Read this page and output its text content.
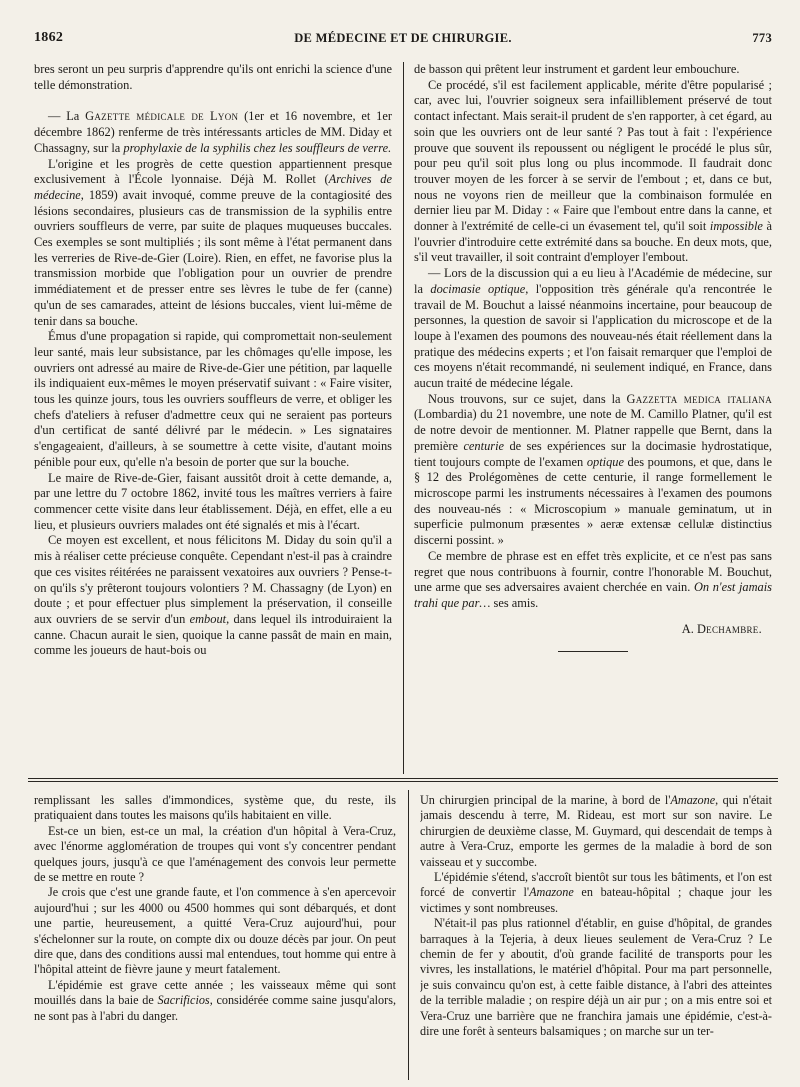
1862	DE MÉDECINE ET DE CHIRURGIE.	773

bres seront un peu surpris d'apprendre qu'ils ont enrichi la science d'une telle démonstration.

— La Gazette médicale de Lyon (1er et 16 novembre, et 1er décembre 1862) renferme de très intéressants articles de MM. Diday et Chassagny, sur la prophylaxie de la syphilis chez les souffleurs de verre.

L'origine et les progrès de cette question appartiennent presque exclusivement à l'École lyonnaise. Déjà M. Rollet (Archives de médecine, 1859) avait invoqué, comme preuve de la contagiosité des lésions secondaires, plusieurs cas de transmission de la syphilis entre ouvriers souffleurs de verre, par suite de plaques muqueuses buccales. Ces exemples se sont multipliés ; ils sont même à l'état permanent dans les verreries de Rive-de-Gier (Loire). Rien, en effet, ne favorise plus la transmission morbide que l'obligation pour un ouvrier de prendre immédiatement et de presser entre ses lèvres le tube de fer (canne) qu'un de ses camarades, atteint de lésions buccales, vient lui-même de tenir dans sa bouche.

Émus d'une propagation si rapide, qui compromettait non-seulement leur santé, mais leur subsistance, par les chômages qu'elle impose, les ouvriers ont adressé au maire de Rive-de-Gier une pétition, par laquelle ils indiquaient eux-mêmes le moyen préservatif suivant : « Faire visiter, tous les quinze jours, tous les ouvriers souffleurs de verre, et obliger les chefs d'ateliers à refuser d'admettre ceux qui ne seraient pas porteurs d'un certificat de santé délivré par le médecin. » Les signataires s'engageaient, d'ailleurs, à se soumettre à cette visite, d'autant moins pénible pour eux, qu'elle n'a besoin de porter que sur la bouche.

Le maire de Rive-de-Gier, faisant aussitôt droit à cette demande, a, par une lettre du 7 octobre 1862, invité tous les maîtres verriers à faire commencer cette visite dans leur établissement. Déjà, en effet, elle a eu lieu, et plusieurs ouvriers malades ont été signalés et mis à l'écart.

Ce moyen est excellent, et nous félicitons M. Diday du soin qu'il a mis à réaliser cette précieuse conquête. Cependant n'est-il pas à craindre que ces visites réitérées ne paraissent vexatoires aux ouvriers ? Pense-t-on qu'ils s'y prêteront toujours volontiers ? M. Chassagny (de Lyon) en doute ; et pour effectuer plus simplement la préservation, il conseille aux ouvriers de se servir d'un embout, dans lequel ils introduiraient la canne. Chacun aurait le sien, quoique la canne passât de main en main, comme les joueurs de haut-bois ou

de basson qui prêtent leur instrument et gardent leur embouchure.

Ce procédé, s'il est facilement applicable, mérite d'être popularisé ; car, avec lui, l'ouvrier soigneux sera infailliblement préservé de tout contact infectant. Mais serait-il prudent de s'en rapporter, à cet égard, au soin que les ouvriers ont de leur santé ? Pas tout à fait : l'expérience prouve que souvent ils repoussent ou négligent le procédé le plus sûr, pour peu qu'il soit plus long ou plus incommode. Il faudrait donc trouver moyen de les forcer à se servir de l'embout ; et, dans ce but, nous ne voyons rien de meilleur que la combinaison formulée en dernier lieu par M. Diday : « Faire que l'embout entre dans la canne, et donner à l'extrémité de celle-ci un évasement tel, qu'il soit impossible à l'ouvrier d'introduire cette extrémité dans sa bouche. En deux mots, que, s'il veut travailler, il soit contraint d'employer l'embout.

— Lors de la discussion qui a eu lieu à l'Académie de médecine, sur la docimasie optique, l'opposition très générale qu'a rencontrée le travail de M. Bouchut a laissé néanmoins incertaine, pour beaucoup de personnes, la question de savoir si l'application du microscope et de la loupe à l'examen des poumons des nouveau-nés était réellement dans la pratique des médecins experts ; et l'on faisait remarquer que l'emploi de ces moyens n'était recommandé, ni seulement indiqué, en France, dans aucun traité de médecine légale.

Nous trouvons, sur ce sujet, dans la Gazzetta medica italiana (Lombardia) du 21 novembre, une note de M. Camillo Platner, qu'il est de notre devoir de mentionner. M. Platner rappelle que Bernt, dans la première centurie de ses expériences sur la docimasie hydrostatique, tient toujours compte de l'examen optique des poumons, et que, dans le § 12 des Prolégomènes de cette centurie, il range formellement le microscope parmi les instruments nécessaires à l'examen des poumons des nouveau-nés : « Microscopium » manuale geminatum, ut in superficie pulmonum præsentes » aeræ extensæ cellulæ distinctius discerni possint. »

Ce membre de phrase est en effet très explicite, et ce n'est pas sans regret que nous contribuons à fournir, contre l'honorable M. Bouchut, une arme que ses adversaires avaient cherchée en vain. On n'est jamais trahi que par… ses amis.

A. Dechambre.

remplissant les salles d'immondices, système que, du reste, ils pratiquaient dans toutes les maisons qu'ils habitaient en ville.

Est-ce un bien, est-ce un mal, la création d'un hôpital à Vera-Cruz, avec l'énorme agglomération de troupes qui vont s'y concentrer pendant quelques jours, jusqu'à ce que l'aménagement des convois leur permette de se mettre en route ?

Je crois que c'est une grande faute, et l'on commence à s'en apercevoir aujourd'hui ; sur les 4000 ou 4500 hommes qui sont débarqués, et dont une partie, heureusement, a quitté Vera-Cruz aujourd'hui, pour s'échelonner sur la route, on compte dix ou douze décès par jour. On peut dire que, dans des conditions aussi mal entendues, tout homme qui entre à l'hôpital atteint de fièvre jaune y meurt fatalement.

L'épidémie est grave cette année ; les vaisseaux même qui sont mouillés dans la baie de Sacrificios, considérée comme saine jusqu'alors, ne sont pas à l'abri du danger.

Un chirurgien principal de la marine, à bord de l'Amazone, qui n'était jamais descendu à terre, M. Rideau, est mort sur son navire. Le chirurgien de deuxième classe, M. Guymard, qui descendait de temps à autre à Vera-Cruz, emporte les germes de la maladie à bord de son vaisseau et y succombe.

L'épidémie s'étend, s'accroît bientôt sur tous les bâtiments, et l'on est forcé de convertir l'Amazone en bateau-hôpital ; chaque jour les victimes y sont nombreuses.

N'était-il pas plus rationnel d'établir, en guise d'hôpital, de grandes barraques à la Tejeria, à deux lieues seulement de Vera-Cruz ? Le chemin de fer y aboutit, d'où grande facilité de transports pour les vivres, les installations, le matériel d'hôpital. Pour ma part personnelle, je suis convaincu qu'on est, à cette faible distance, à l'abri des atteintes de la terrible maladie ; on respire déjà un air pur ; on a mis entre soi et Vera-Cruz une barrière que ne franchira jamais une épidémie, c'est-à-dire une forêt à senteurs balsamiques ; on marche sur un ter-
